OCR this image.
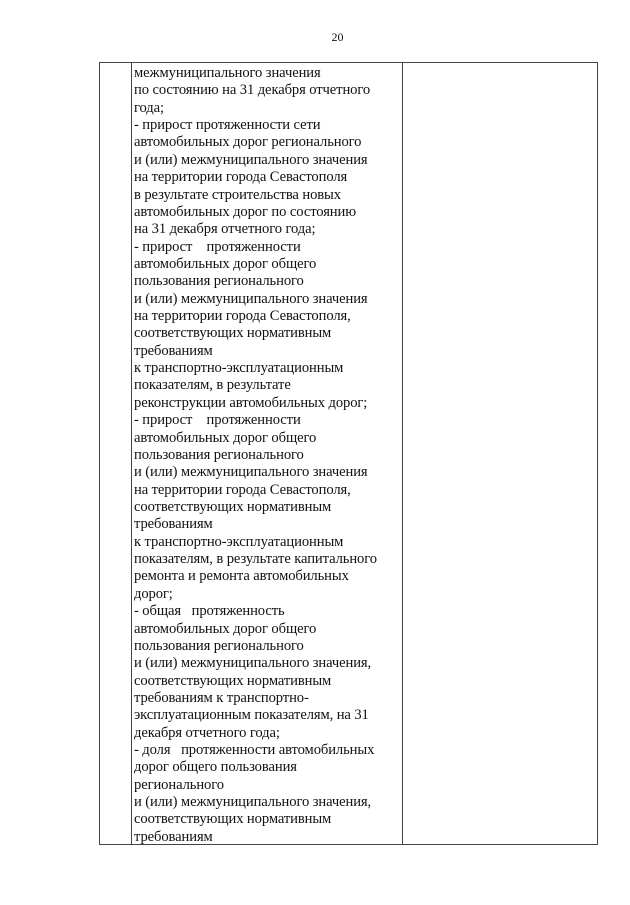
20
межмуниципального значения
по состоянию на 31 декабря отчетного
года;
- прирост протяженности сети
автомобильных дорог регионального
и (или) межмуниципального значения
на территории города Севастополя
в результате строительства новых
автомобильных дорог по состоянию
на 31 декабря отчетного года;
- прирост    протяженности
автомобильных дорог общего
пользования регионального
и (или) межмуниципального значения
на территории города Севастополя,
соответствующих нормативным
требованиям
к транспортно-эксплуатационным
показателям, в результате
реконструкции автомобильных дорог;
- прирост    протяженности
автомобильных дорог общего
пользования регионального
и (или) межмуниципального значения
на территории города Севастополя,
соответствующих нормативным
требованиям
к транспортно-эксплуатационным
показателям, в результате капитального
ремонта и ремонта автомобильных
дорог;
- общая   протяженность
автомобильных дорог общего
пользования регионального
и (или) межмуниципального значения,
соответствующих нормативным
требованиям к транспортно-
эксплуатационным показателям, на 31
декабря отчетного года;
- доля   протяженности автомобильных
дорог общего пользования
регионального
и (или) межмуниципального значения,
соответствующих нормативным
требованиям
